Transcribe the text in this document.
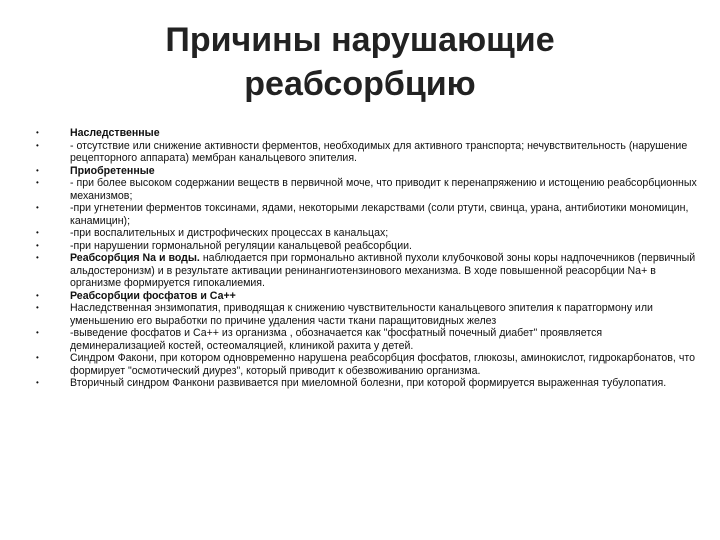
Причины нарушающие
реабсорбцию
•	Наследственные
•	- отсутствие или снижение активности ферментов, необходимых для активного транспорта; нечувствительность (нарушение рецепторного аппарата) мембран канальцевого эпителия.
•	Приобретенные
•	- при более высоком содержании веществ в первичной моче, что приводит к перенапряжению и истощению реабсорбционных механизмов;
•	-при угнетении ферментов токсинами, ядами, некоторыми лекарствами (соли ртути, свинца, урана, антибиотики мономицин, канамицин);
•	-при воспалительных и дистрофических процессах в канальцах;
•	-при нарушении гормональной регуляции канальцевой реабсорбции.
•	Реабсорбция Na и воды. наблюдается при гормонально активной пухоли клубочковой зоны коры надпочечников (первичный альдостеронизм) и в результате активации ренинангиотензинового механизма. В ходе повышенной реасорбции Na+ в организме формируется гипокалиемия.
•	Реабсорбции фосфатов и Са++
•	Наследственная энзимопатия, приводящая к снижению чувствительности канальцевого эпителия к паратгормону или уменьшению его выработки по причине удаления части ткани паращитовидных желез
•	-выведение фосфатов и Са++ из организма , обозначается как "фосфатный почечный диабет" проявляется деминерализацией костей, остеомаляцией, клиникой рахита у детей.
•	Синдром Факони, при котором одновременно нарушена реабсорбция фосфатов, глюкозы, аминокислот, гидрокарбонатов, что формирует "осмотический диурез", который приводит к обезвоживанию организма.
•	Вторичный синдром Фанкони развивается при миеломной болезни, при которой формируется выраженная тубулопатия.
